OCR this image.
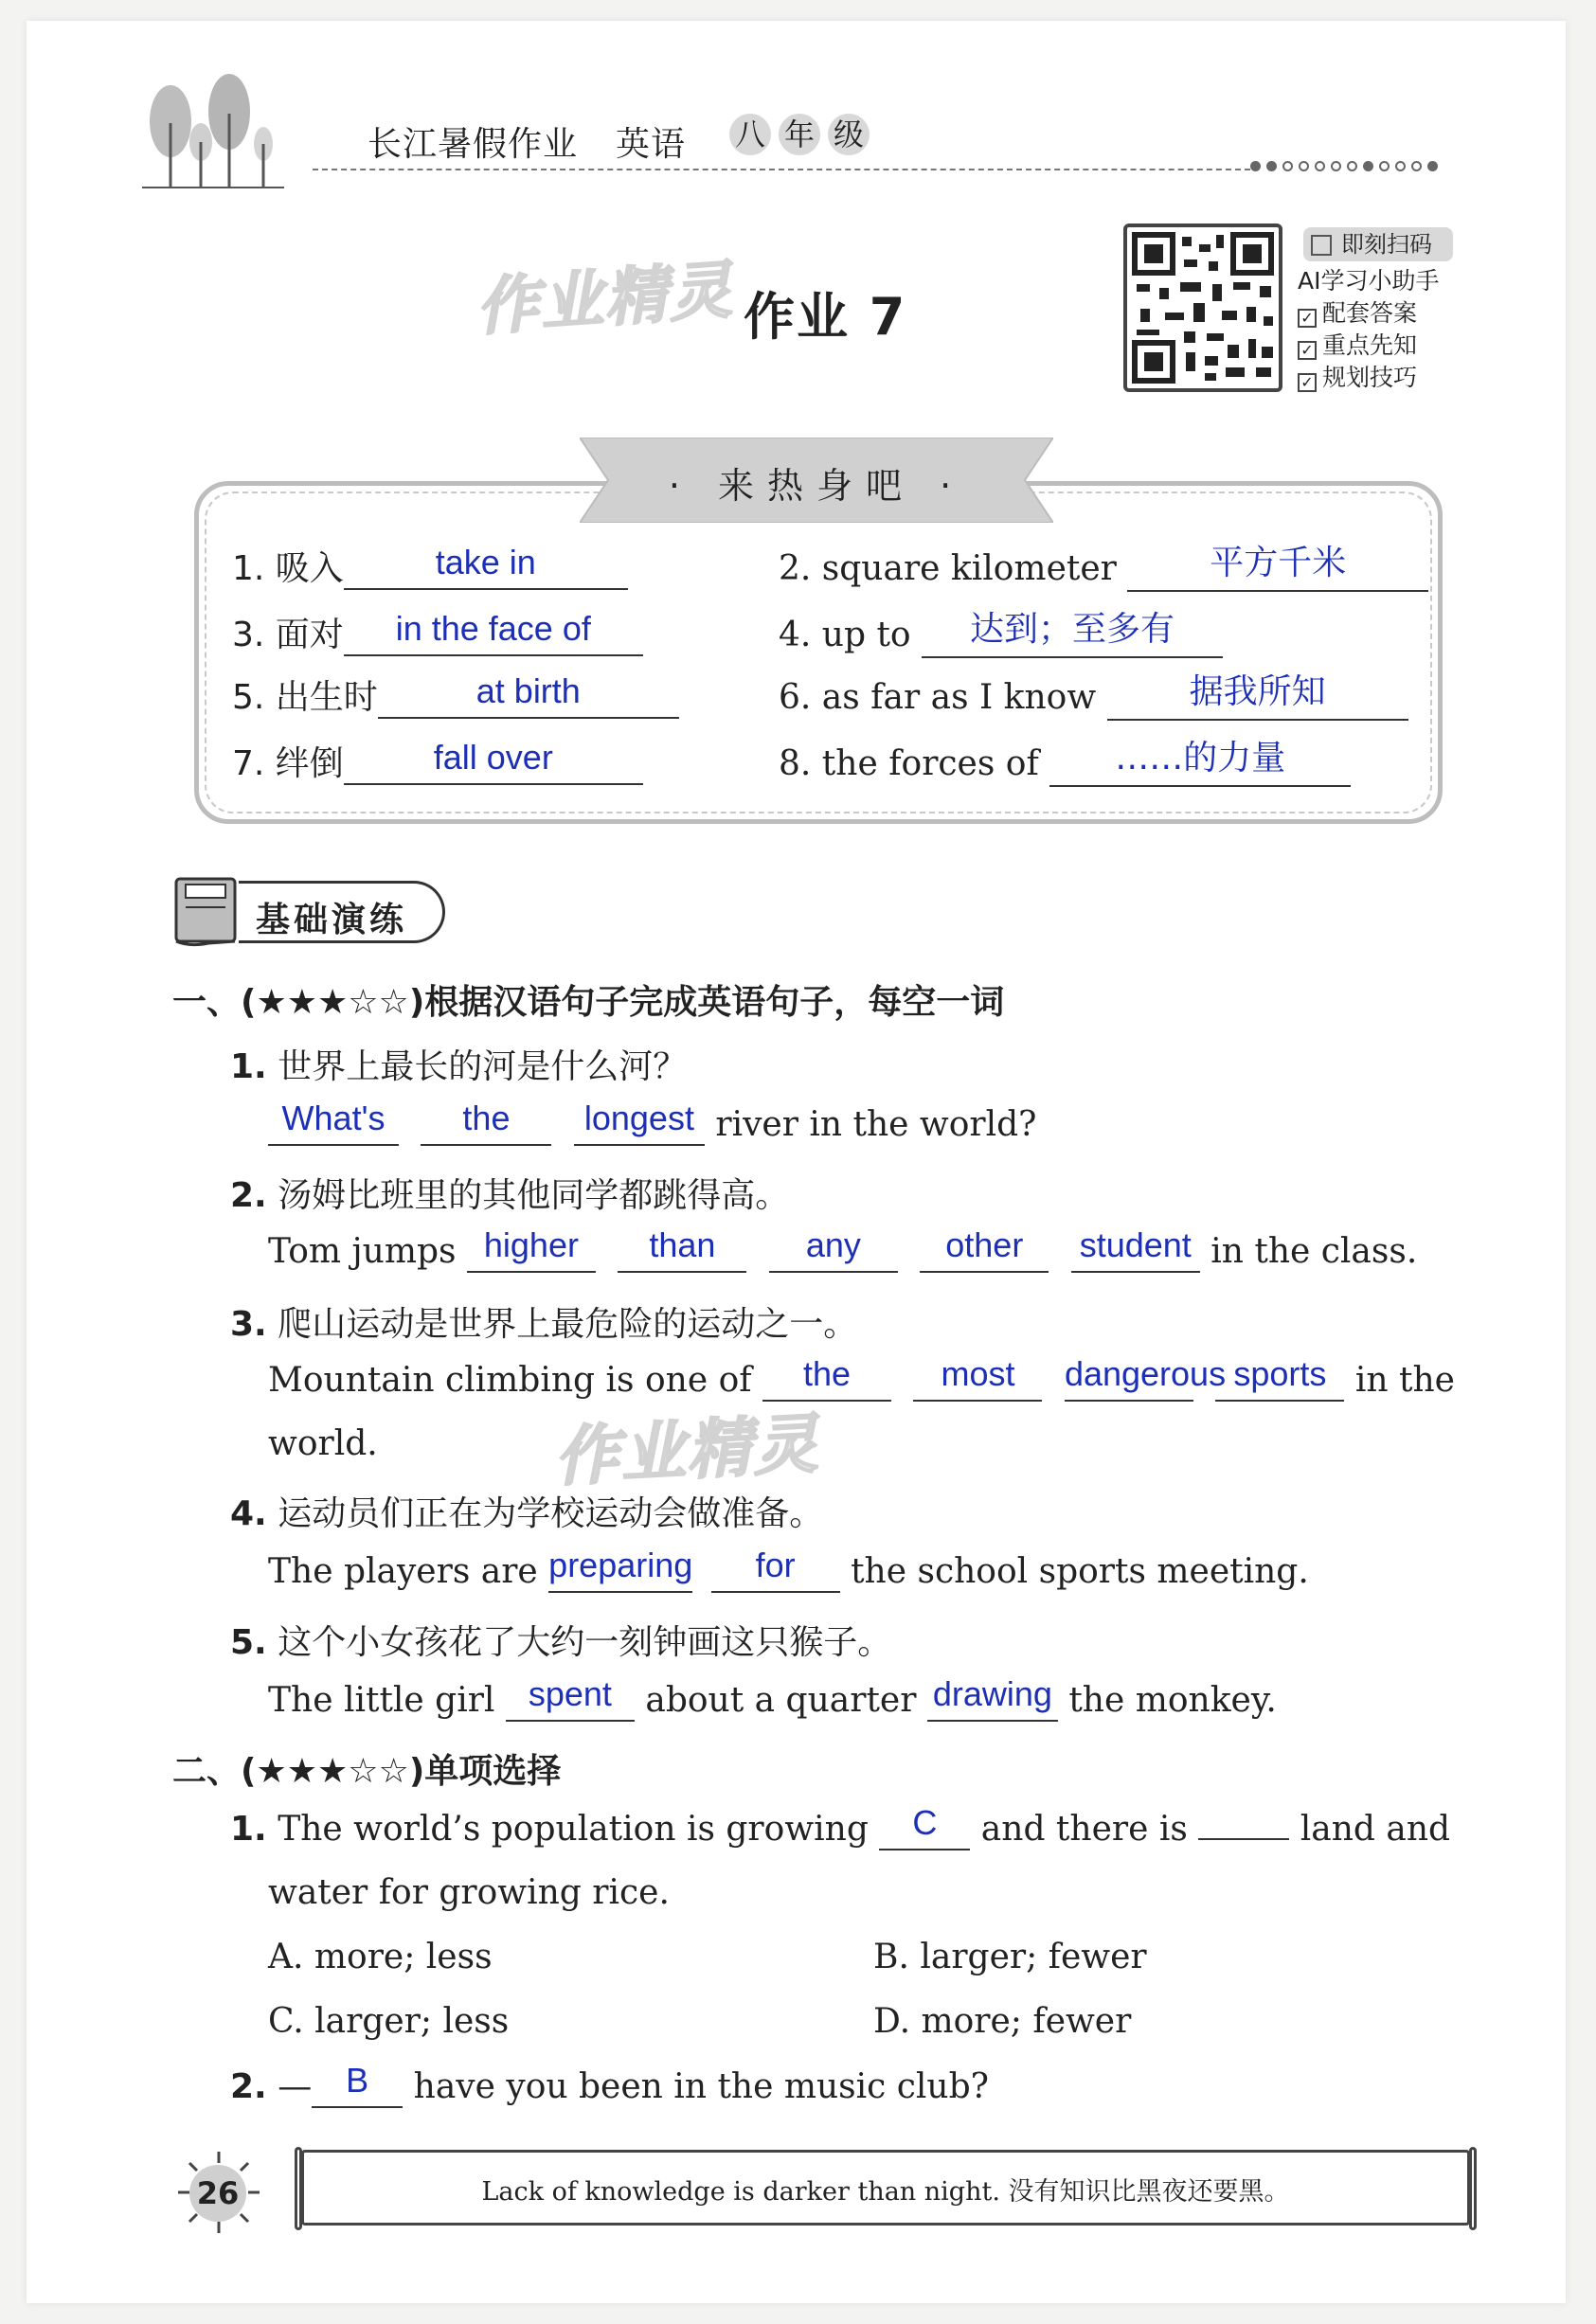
长江暑假作业 英语	八 年 级
作业精灵 作业 7
即刻扫码
AI学习小助手
✓ 配套答案
✓ 重点先知
✓ 规划技巧
· 来热身吧 ·
1. 吸入	take in	2. square kilometer	平方千米
3. 面对 in the face of	4. up to 达到；至多有
5. 出生时	at birth	6. as far as I know	据我所知
7. 绊倒	fall over	8. the forces of ……的力量
基础演练
一、(★★★☆☆)根据汉语句子完成英语句子，每空一词
1. 世界上最长的河是什么河？
What's the longest river in the world?
2. 汤姆比班里的其他同学都跳得高。
Tom jumps higher than	any other student in the class.
3. 爬山运动是世界上最危险的运动之一。
Mountain climbing is one of the	most dangerous sports in the
world.	作业精灵
4. 运动员们正在为学校运动会做准备。
The players are preparing for the school sports meeting.
5. 这个小女孩花了大约一刻钟画这只猴子。
The little girl spent about a quarter drawing the monkey.
二、(★★★☆☆)单项选择
1. The world’s population is growing C and there is	land and
water for growing rice.
A. more; less	B. larger; fewer
C. larger; less	D. more; fewer
2. — B have you been in the music club?
26	Lack of knowledge is darker than night. 没有知识比黑夜还要黑。
